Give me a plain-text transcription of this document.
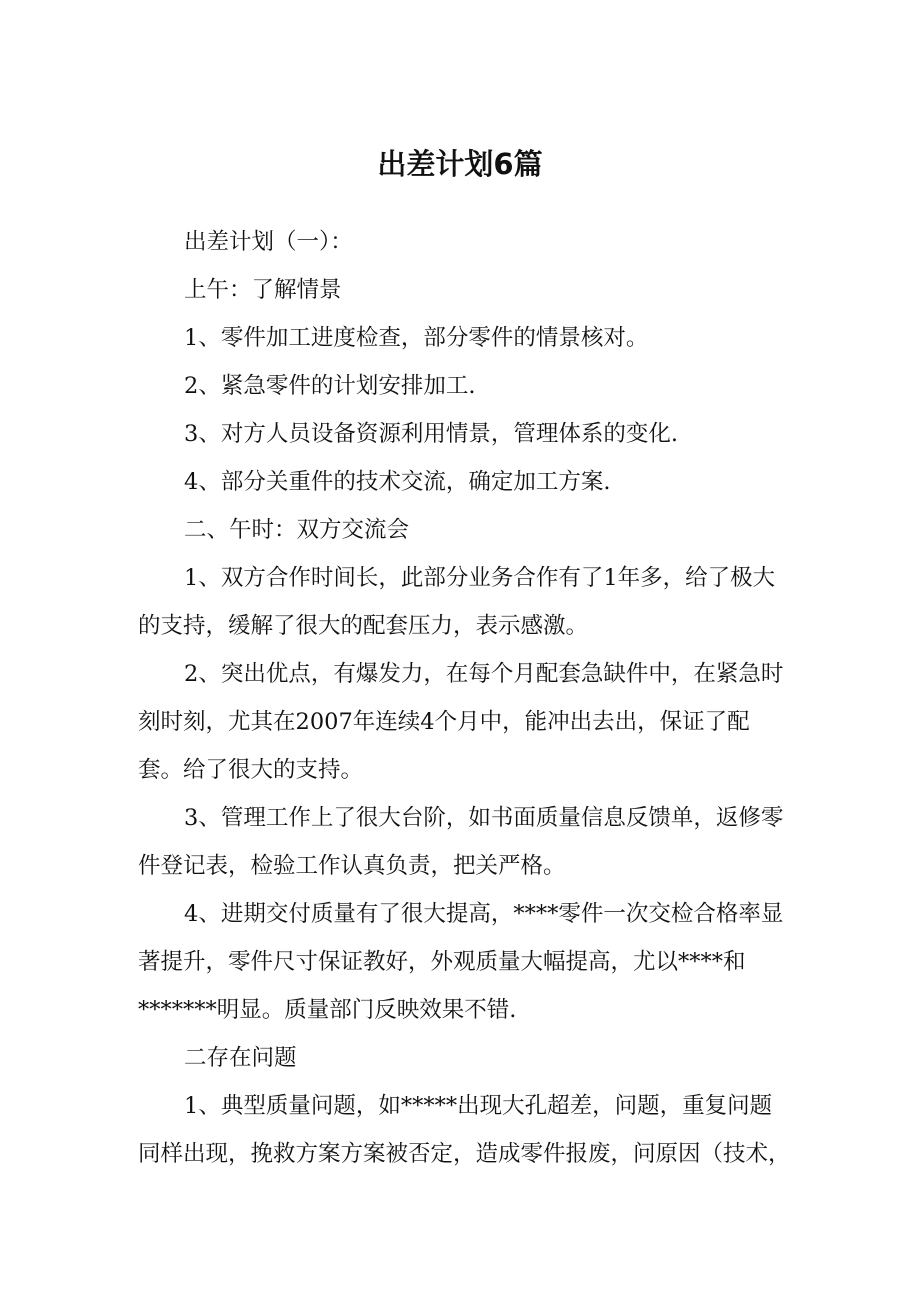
出差计划6篇

出差计划（一）：

上午：了解情景

1、零件加工进度检查，部分零件的情景核对。

2、紧急零件的计划安排加工.

3、对方人员设备资源利用情景，管理体系的变化.

4、部分关重件的技术交流，确定加工方案.

二、午时：双方交流会

1、双方合作时间长，此部分业务合作有了1年多，给了极大的支持，缓解了很大的配套压力，表示感激。

2、突出优点，有爆发力，在每个月配套急缺件中，在紧急时刻时刻，尤其在2007年连续4个月中，能冲出去出，保证了配套。给了很大的支持。

3、管理工作上了很大台阶，如书面质量信息反馈单，返修零件登记表，检验工作认真负责，把关严格。

4、进期交付质量有了很大提高，****零件一次交检合格率显著提升，零件尺寸保证教好，外观质量大幅提高，尤以****和*******明显。质量部门反映效果不错.

二存在问题

1、典型质量问题，如*****出现大孔超差，问题，重复问题同样出现，挽救方案方案被否定，造成零件报废，问原因（技术，
